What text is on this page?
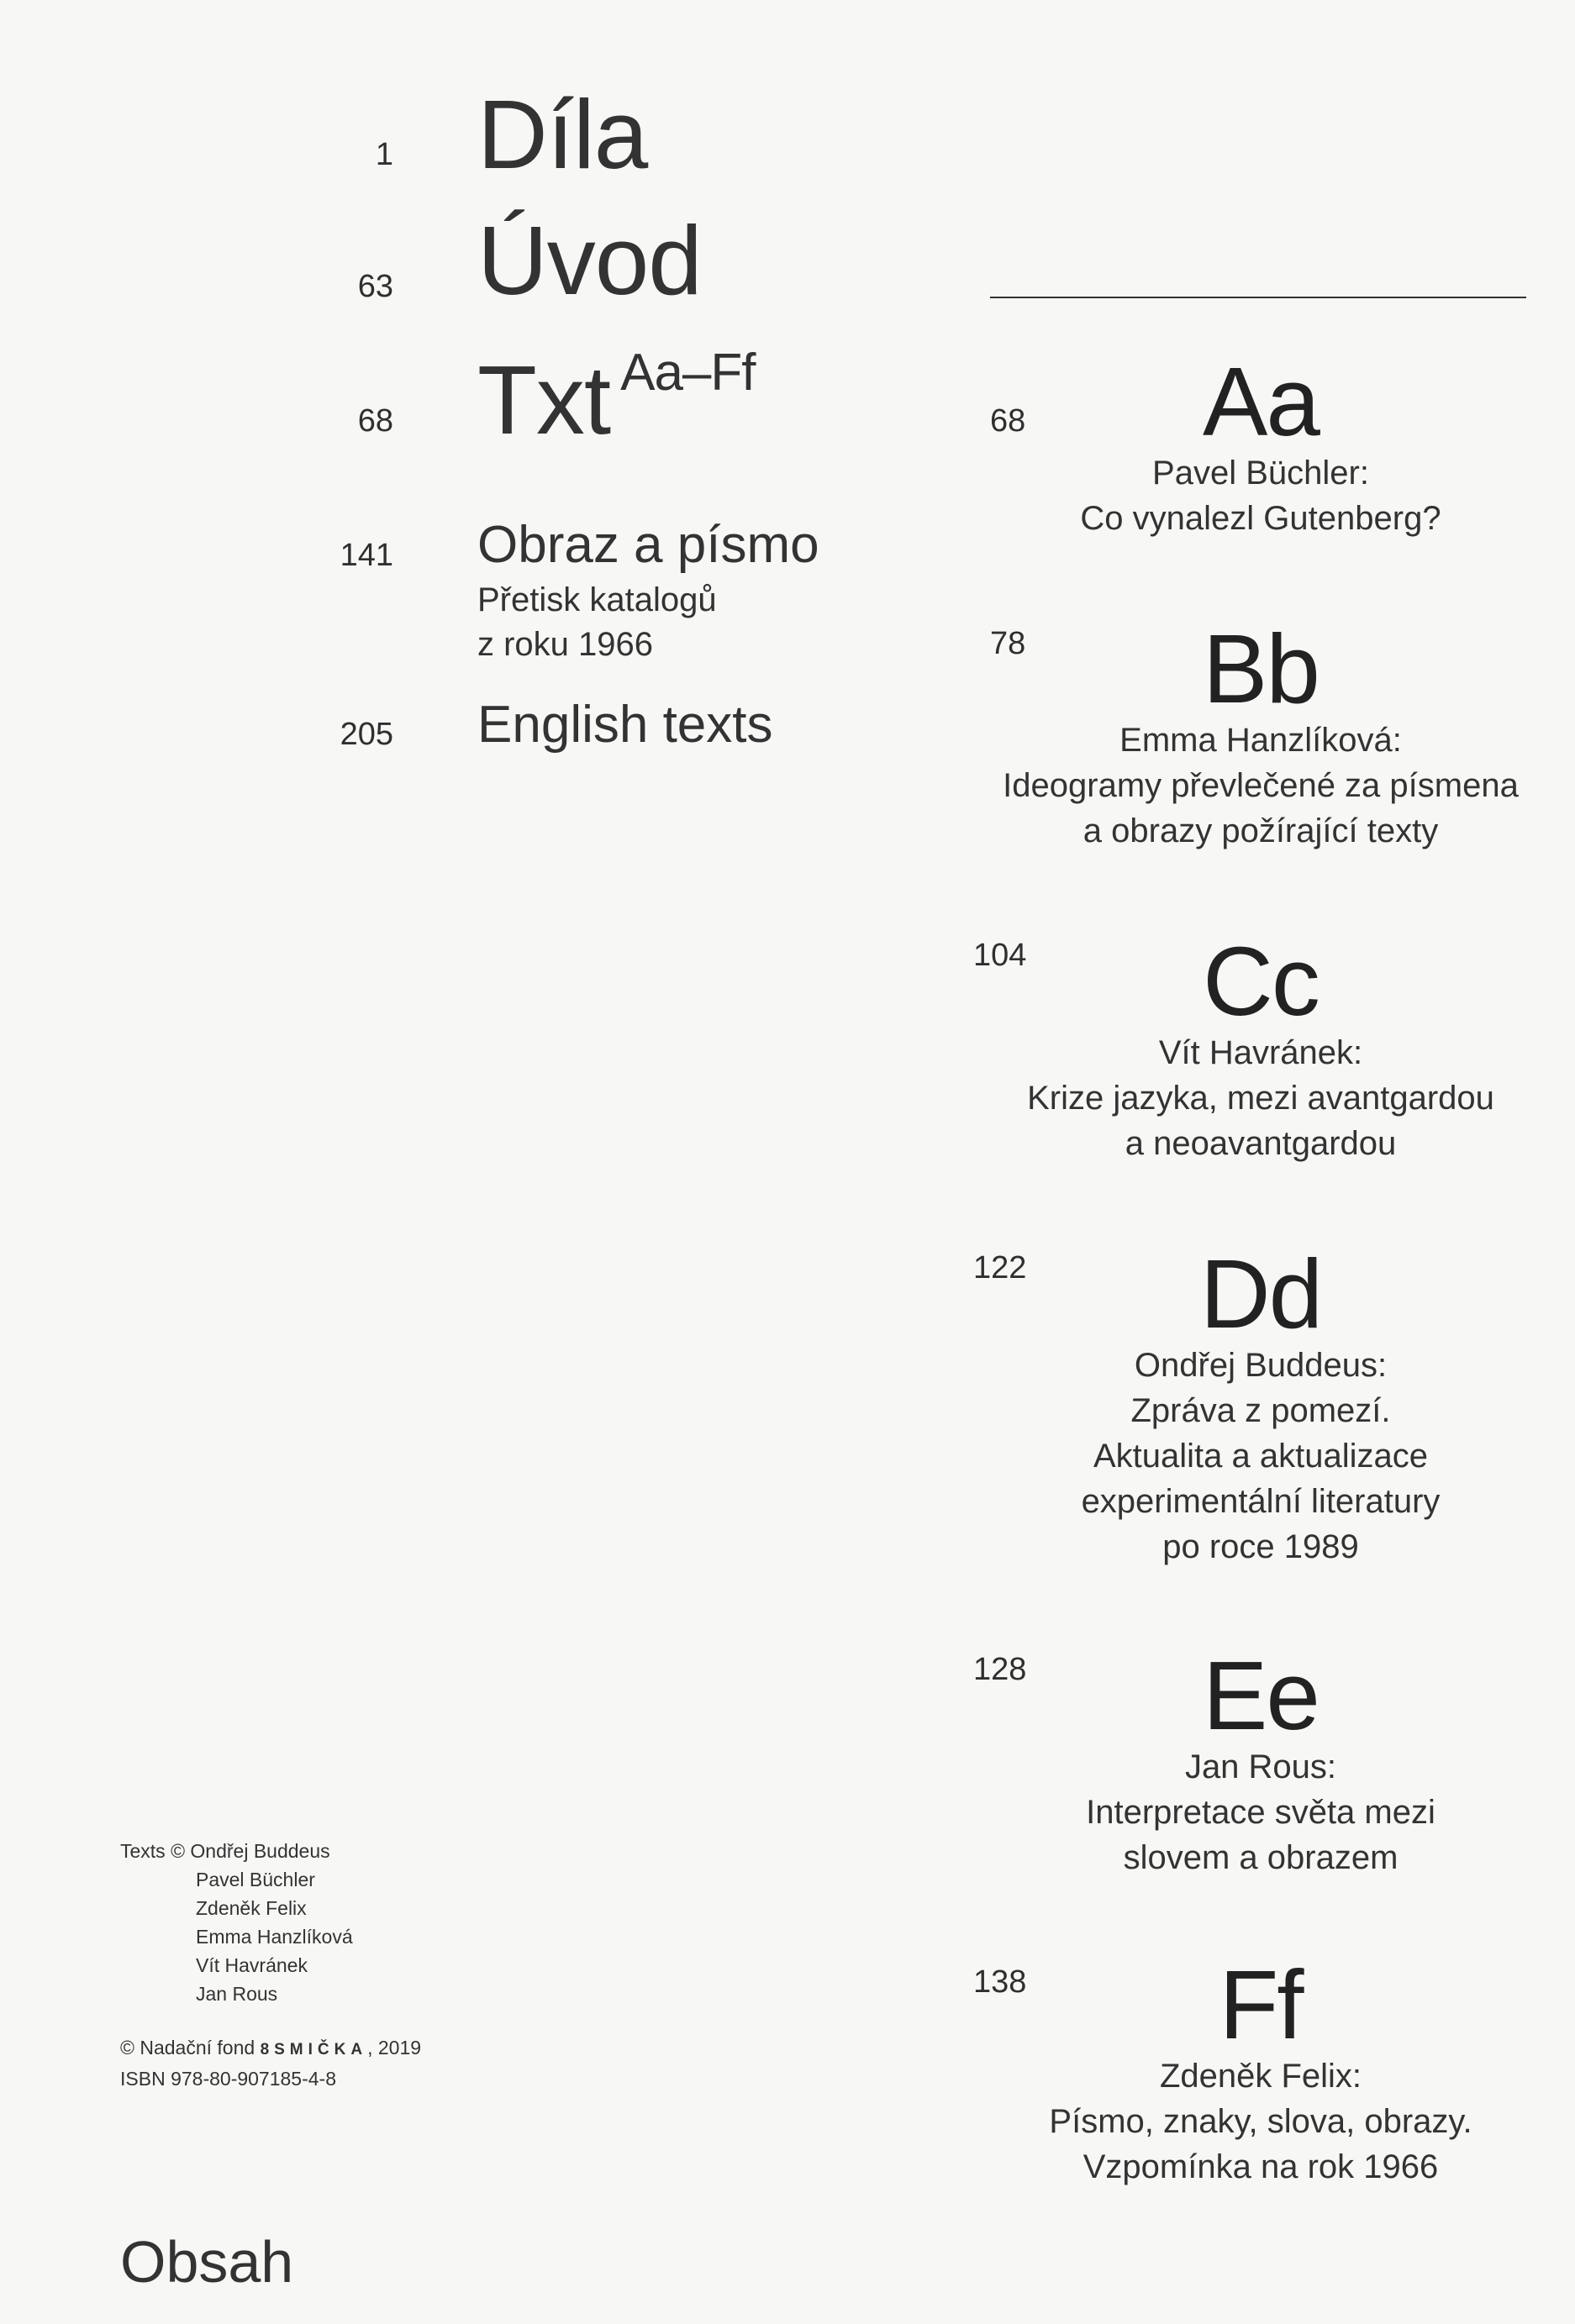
1 Díla
63 Úvod
68 Txt $^{Aa-Ff}$
141 Obraz a písmo
Přetisk katalogů
z roku 1966
205 English texts
68	Aa
Pavel Büchler:
Co vynalezl Gutenberg?
78	Bb
Emma Hanzlíková:
Ideogramy převlečené za písmena
a obrazy požírající texty
104	Cc
Vít Havránek:
Krize jazyka, mezi avantgardou
a neoavantgardou
122	Dd
Ondřej Buddeus:
Zpráva z pomezí.
Aktualita a aktualizace
experimentální literatury
po roce 1989
128	Ee
Jan Rous:
Interpretace světa mezi
slovem a obrazem
138	Ff
Zdeněk Felix:
Písmo, znaky, slova, obrazy.
Vzpomínka na rok 1966
Texts © Ondřej Buddeus
Pavel Büchler
Zdeněk Felix
Emma Hanzlíková
Vít Havránek
Jan Rous
© Nadační fond 8SMIČKA, 2019
ISBN 978-80-907185-4-8
Obsah
